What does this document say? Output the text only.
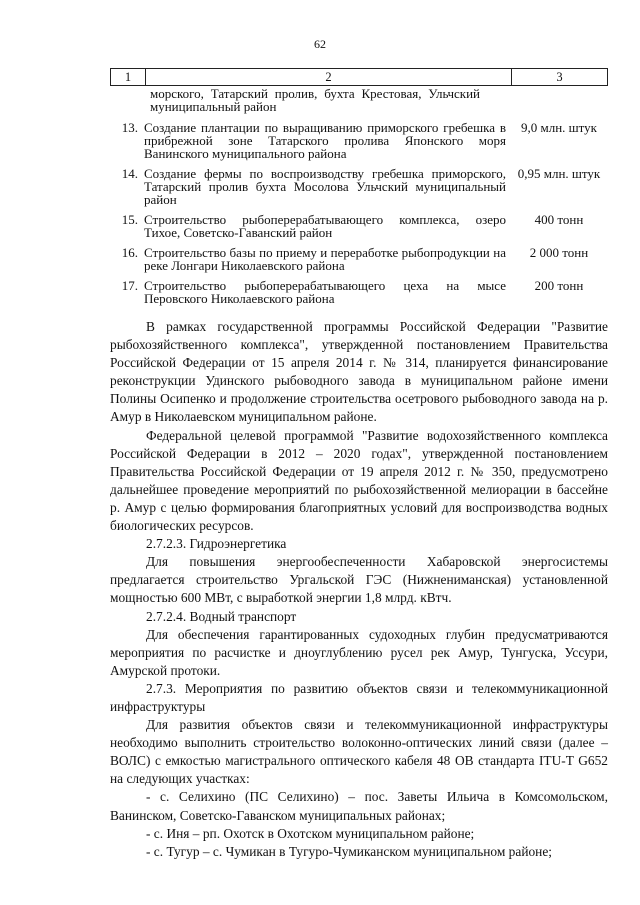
62
1	2	3
морского, Татарский пролив, бухта Крестовая, Ульчский муниципальный район
13. Создание плантации по выращиванию приморского гребешка в прибрежной зоне Татарского пролива Японского моря Ванинского муниципального района
9,0 млн. штук
14. Создание фермы по воспроизводству гребешка приморского, Татарский пролив бухта Мосолова Ульчский муниципальный район
0,95 млн. штук
15. Строительство рыбоперерабатывающего комплекса, озеро Тихое, Советско-Гаванский район
400 тонн
16. Строительство базы по приему и переработке рыбопродукции на реке Лонгари Николаевского района
2 000 тонн
17. Строительство рыбоперерабатывающего цеха на мысе Перовского Николаевского района
200 тонн

В рамках государственной программы Российской Федерации "Развитие рыбохозяйственного комплекса", утвержденной постановлением Правительства Российской Федерации от 15 апреля 2014 г. № 314, планируется финансирование реконструкции Удинского рыбоводного завода в муниципальном районе имени Полины Осипенко и продолжение строительства осетрового рыбоводного завода на р. Амур в Николаевском муниципальном районе.

Федеральной целевой программой "Развитие водохозяйственного комплекса Российской Федерации в 2012 – 2020 годах", утвержденной постановлением Правительства Российской Федерации от 19 апреля 2012 г. № 350, предусмотрено дальнейшее проведение мероприятий по рыбохозяйственной мелиорации в бассейне р. Амур с целью формирования благоприятных условий для воспроизводства водных биологических ресурсов.

2.7.2.3. Гидроэнергетика

Для повышения энергообеспеченности Хабаровской энергосистемы предлагается строительство Ургальской ГЭС (Нижнениманская) установленной мощностью 600 МВт, с выработкой энергии 1,8 млрд. кВтч.

2.7.2.4. Водный транспорт

Для обеспечения гарантированных судоходных глубин предусматриваются мероприятия по расчистке и дноуглублению русел рек Амур, Тунгуска, Уссури, Амурской протоки.

2.7.3. Мероприятия по развитию объектов связи и телекоммуникационной инфраструктуры

Для развития объектов связи и телекоммуникационной инфраструктуры необходимо выполнить строительство волоконно-оптических линий связи (далее – ВОЛС) с емкостью магистрального оптического кабеля 48 ОВ стандарта ITU-T G652 на следующих участках:

- с. Селихино (ПС Селихино) – пос. Заветы Ильича в Комсомольском, Ванинском, Советско-Гаванском муниципальных районах;

- с. Иня – рп. Охотск в Охотском муниципальном районе;

- с. Тугур – с. Чумикан в Тугуро-Чумиканском муниципальном районе;
